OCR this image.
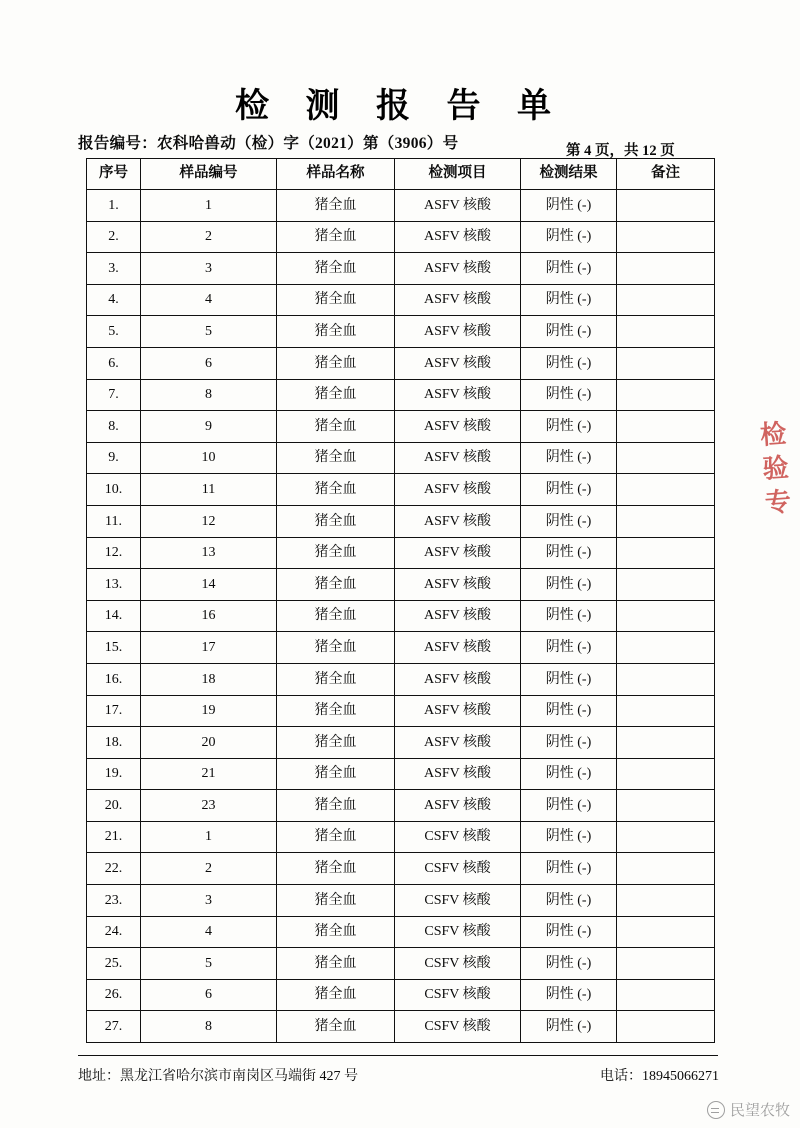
检 测 报 告 单
报告编号：农科哈兽动（检）字（2021）第（3906）号	第 4 页，共 12 页
序号	样品编号	样品名称	检测项目	检测结果	备注
1.	1	猪全血	ASFV 核酸	阴性 (-)	
2.	2	猪全血	ASFV 核酸	阴性 (-)	
3.	3	猪全血	ASFV 核酸	阴性 (-)	
4.	4	猪全血	ASFV 核酸	阴性 (-)	
5.	5	猪全血	ASFV 核酸	阴性 (-)	
6.	6	猪全血	ASFV 核酸	阴性 (-)	
7.	8	猪全血	ASFV 核酸	阴性 (-)	
8.	9	猪全血	ASFV 核酸	阴性 (-)	
9.	10	猪全血	ASFV 核酸	阴性 (-)	
10.	11	猪全血	ASFV 核酸	阴性 (-)	
11.	12	猪全血	ASFV 核酸	阴性 (-)	
12.	13	猪全血	ASFV 核酸	阴性 (-)	
13.	14	猪全血	ASFV 核酸	阴性 (-)	
14.	16	猪全血	ASFV 核酸	阴性 (-)	
15.	17	猪全血	ASFV 核酸	阴性 (-)	
16.	18	猪全血	ASFV 核酸	阴性 (-)	
17.	19	猪全血	ASFV 核酸	阴性 (-)	
18.	20	猪全血	ASFV 核酸	阴性 (-)	
19.	21	猪全血	ASFV 核酸	阴性 (-)	
20.	23	猪全血	ASFV 核酸	阴性 (-)	
21.	1	猪全血	CSFV 核酸	阴性 (-)	
22.	2	猪全血	CSFV 核酸	阴性 (-)	
23.	3	猪全血	CSFV 核酸	阴性 (-)	
24.	4	猪全血	CSFV 核酸	阴性 (-)	
25.	5	猪全血	CSFV 核酸	阴性 (-)	
26.	6	猪全血	CSFV 核酸	阴性 (-)	
27.	8	猪全血	CSFV 核酸	阴性 (-)	
地址：黑龙江省哈尔滨市南岗区马端街 427 号	电话：18945066271
检
验
专
民望农牧
